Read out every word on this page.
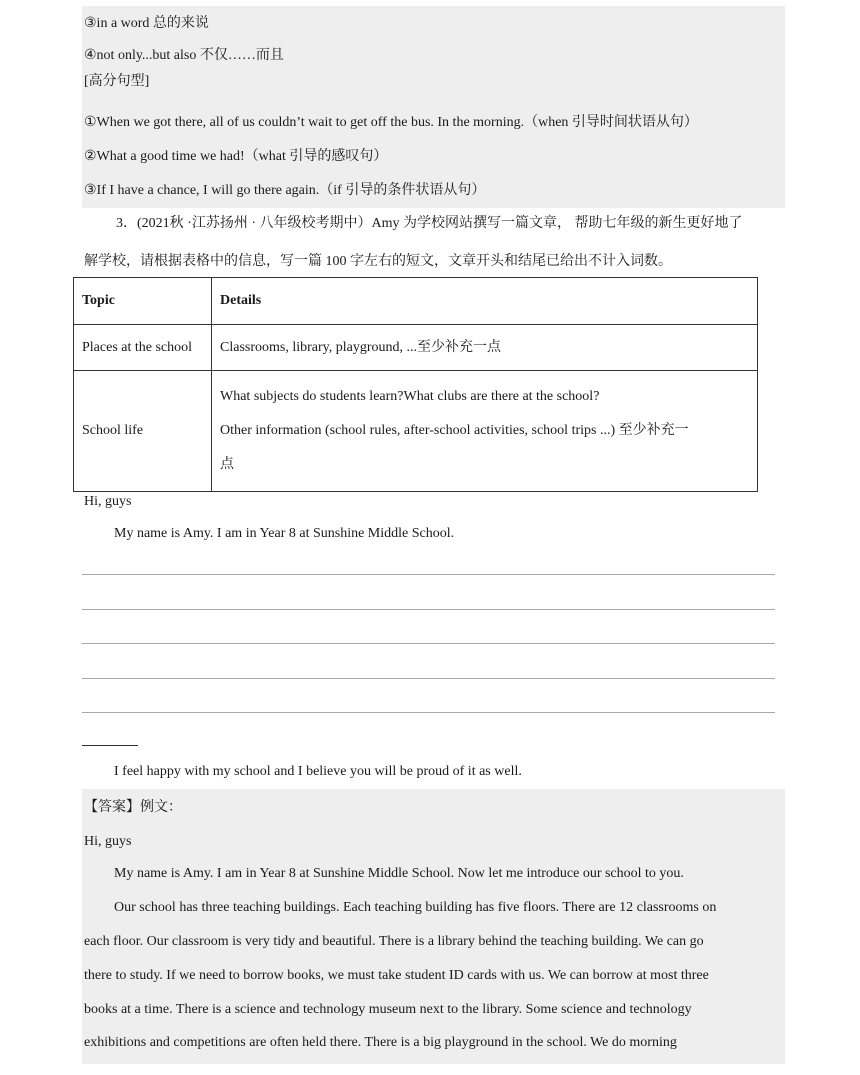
③in a word 总的来说
④not only...but also 不仅……而且
[高分句型]
①When we got there, all of us couldn’t wait to get off the bus. In the morning.（when 引导时间状语从句）
②What a good time we had!（what 引导的感叹句）
③If I have a chance, I will go there again.（if 引导的条件状语从句）
3．(2021秋 ·江苏扬州 · 八年级校考期中）Amy 为学校网站撰写一篇文章， 帮助七年级的新生更好地了
解学校，请根据表格中的信息，写一篇 100 字左右的短文，文章开头和结尾已给出不计入词数。
Topic	Details
Places at the school	Classrooms, library, playground, ...至少补充一点
School life	What subjects do students learn?What clubs are there at the school?
Other information (school rules, after-school activities, school trips ...) 至少补充一
点
Hi, guys
My name is Amy. I am in Year 8 at Sunshine Middle School.
I feel happy with my school and I believe you will be proud of it as well.
【答案】例文：
Hi, guys
My name is Amy. I am in Year 8 at Sunshine Middle School. Now let me introduce our school to you.
Our school has three teaching buildings. Each teaching building has five floors. There are 12 classrooms on
each floor. Our classroom is very tidy and beautiful. There is a library behind the teaching building. We can go
there to study. If we need to borrow books, we must take student ID cards with us. We can borrow at most three
books at a time. There is a science and technology museum next to the library. Some science and technology
exhibitions and competitions are often held there. There is a big playground in the school. We do morning
